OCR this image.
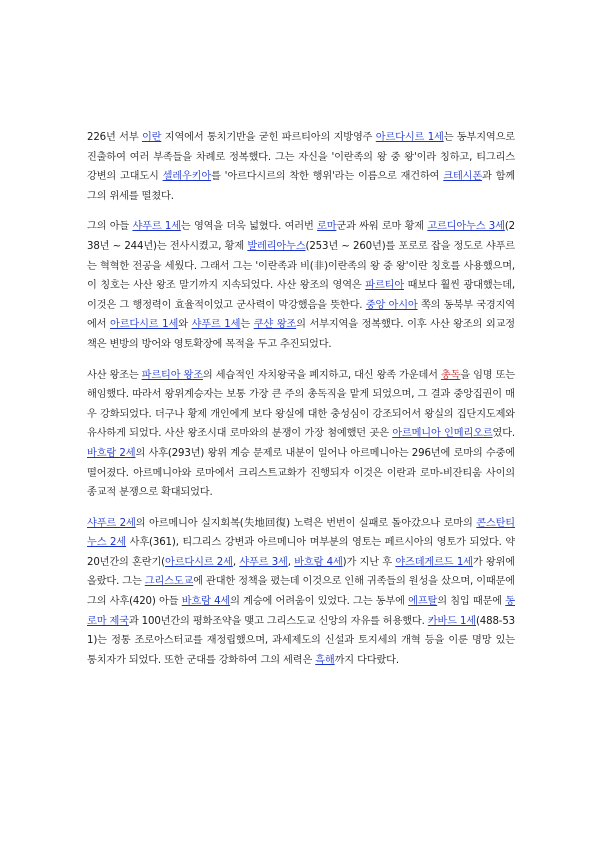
226년 서부 이란 지역에서 통치기반을 굳힌 파르티아의 지방영주 아르다시르 1세는 동부지역으로 진출하여 여러 부족들을 차례로 정복했다. 그는 자신을 '이란족의 왕 중 왕'이라 칭하고, 티그리스 강변의 고대도시 셀레우키아를 '아르다시르의 착한 행위'라는 이름으로 재건하여 크테시폰과 함께 그의 위세를 떨쳤다.

그의 아들 샤푸르 1세는 영역을 더욱 넓혔다. 여러번 로마군과 싸워 로마 황제 고르디아누스 3세(238년 ~ 244년)는 전사시켰고, 황제 발레리아누스(253년 ~ 260년)를 포로로 잡을 정도로 샤푸르는 혁혁한 전공을 세웠다. 그래서 그는 '이란족과 비(非)이란족의 왕 중 왕'이란 칭호를 사용했으며, 이 칭호는 사산 왕조 말기까지 지속되었다. 사산 왕조의 영역은 파르티아 때보다 훨씬 광대했는데, 이것은 그 행정력이 효율적이었고 군사력이 막강했음을 뜻한다. 중앙 아시아 쪽의 동북부 국경지역에서 아르다시르 1세와 샤푸르 1세는 쿠샨 왕조의 서부지역을 정복했다. 이후 사산 왕조의 외교정책은 변방의 방어와 영토확장에 목적을 두고 추진되었다.

사산 왕조는 파르티아 왕조의 세습적인 자치왕국을 폐지하고, 대신 왕족 가운데서 총독을 임명 또는 해임했다. 따라서 왕위계승자는 보통 가장 큰 주의 총독직을 맡게 되었으며, 그 결과 중앙집권이 매우 강화되었다. 더구나 황제 개인에게 보다 왕실에 대한 충성심이 강조되어서 왕실의 집단지도제와 유사하게 되었다. 사산 왕조시대 로마와의 분쟁이 가장 첨예했던 곳은 아르메니아 인메리오르였다. 바흐람 2세의 사후(293년) 왕위 계승 문제로 내분이 일어나 아르메니아는 296년에 로마의 수중에 떨어졌다. 아르메니아와 로마에서 크리스트교화가 진행되자 이것은 이란과 로마-비잔티움 사이의 종교적 분쟁으로 확대되었다.

샤푸르 2세의 아르메니아 실지회복(失地回復) 노력은 번번이 실패로 돌아갔으나 로마의 콘스탄티누스 2세 사후(361), 티그리스 강변과 아르메니아 며부분의 영토는 페르시아의 영토가 되었다. 약 20년간의 혼란기(아르다시르 2세, 샤푸르 3세, 바흐람 4세)가 지난 후 야즈데게르드 1세가 왕위에 올랐다. 그는 그리스도교에 관대한 정책을 폈는데 이것으로 인해 귀족들의 원성을 샀으며, 이때문에 그의 사후(420) 아들 바흐람 4세의 계승에 어려움이 있었다. 그는 동부에 에프탈의 침입 때문에 동로마 제국과 100년간의 평화조약을 맺고 그리스도교 신앙의 자유를 허용했다. 카바드 1세(488-531)는 정통 조로아스터교를 재정립했으며, 과세제도의 신설과 토지세의 개혁 등을 이룬 명망 있는 통치자가 되었다. 또한 군대를 강화하여 그의 세력은 흑해까지 다다랐다.
